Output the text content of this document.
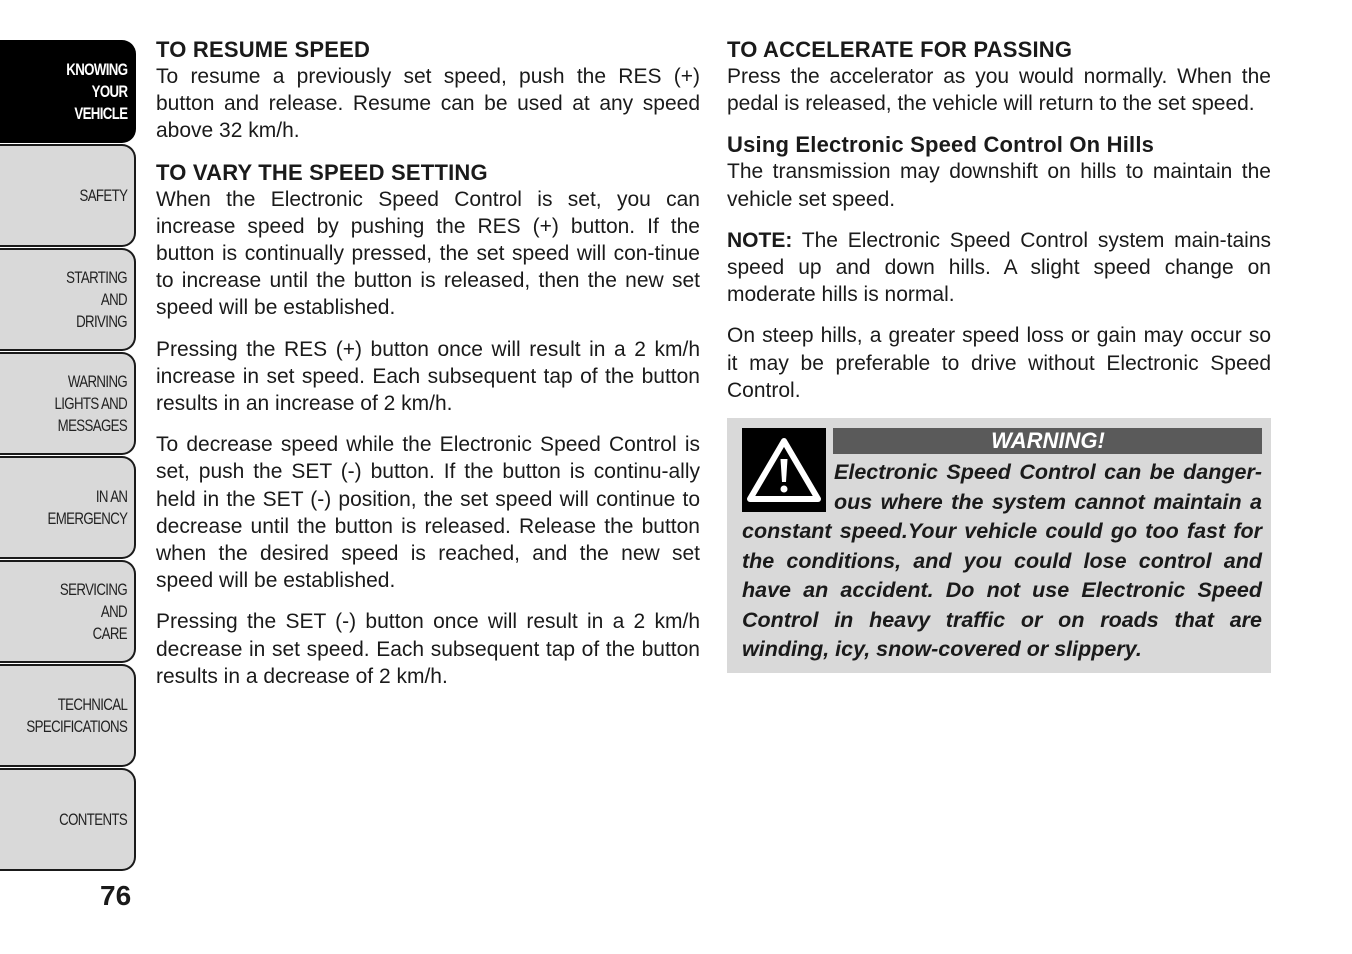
KNOWING
YOUR
VEHICLE
SAFETY
STARTING
AND
DRIVING
WARNING
LIGHTS AND
MESSAGES
IN AN
EMERGENCY
SERVICING
AND
CARE
TECHNICAL
SPECIFICATIONS
CONTENTS
76
TO RESUME SPEED

To resume a previously set speed, push the RES (+) button and release. Resume can be used at any speed above 32 km/h.

TO VARY THE SPEED SETTING

When the Electronic Speed Control is set, you can increase speed by pushing the RES (+) button. If the button is continually pressed, the set speed will con-tinue to increase until the button is released, then the new set speed will be established.

Pressing the RES (+) button once will result in a 2 km/h increase in set speed. Each subsequent tap of the button results in an increase of 2 km/h.

To decrease speed while the Electronic Speed Control is set, push the SET (-) button. If the button is continu-ally held in the SET (-) position, the set speed will continue to decrease until the button is released. Release the button when the desired speed is reached, and the new set speed will be established.

Pressing the SET (-) button once will result in a 2 km/h decrease in set speed. Each subsequent tap of the button results in a decrease of 2 km/h.

TO ACCELERATE FOR PASSING

Press the accelerator as you would normally. When the pedal is released, the vehicle will return to the set speed.

Using Electronic Speed Control On Hills

The transmission may downshift on hills to maintain the vehicle set speed.

NOTE: The Electronic Speed Control system main-tains speed up and down hills. A slight speed change on moderate hills is normal.

On steep hills, a greater speed loss or gain may occur so it may be preferable to drive without Electronic Speed Control.

WARNING!
Electronic Speed Control can be danger-ous where the system cannot maintain a constant speed.Your vehicle could go too fast for the conditions, and you could lose control and have an accident. Do not use Electronic Speed Control in heavy traffic or on roads that are winding, icy, snow-covered or slippery.
